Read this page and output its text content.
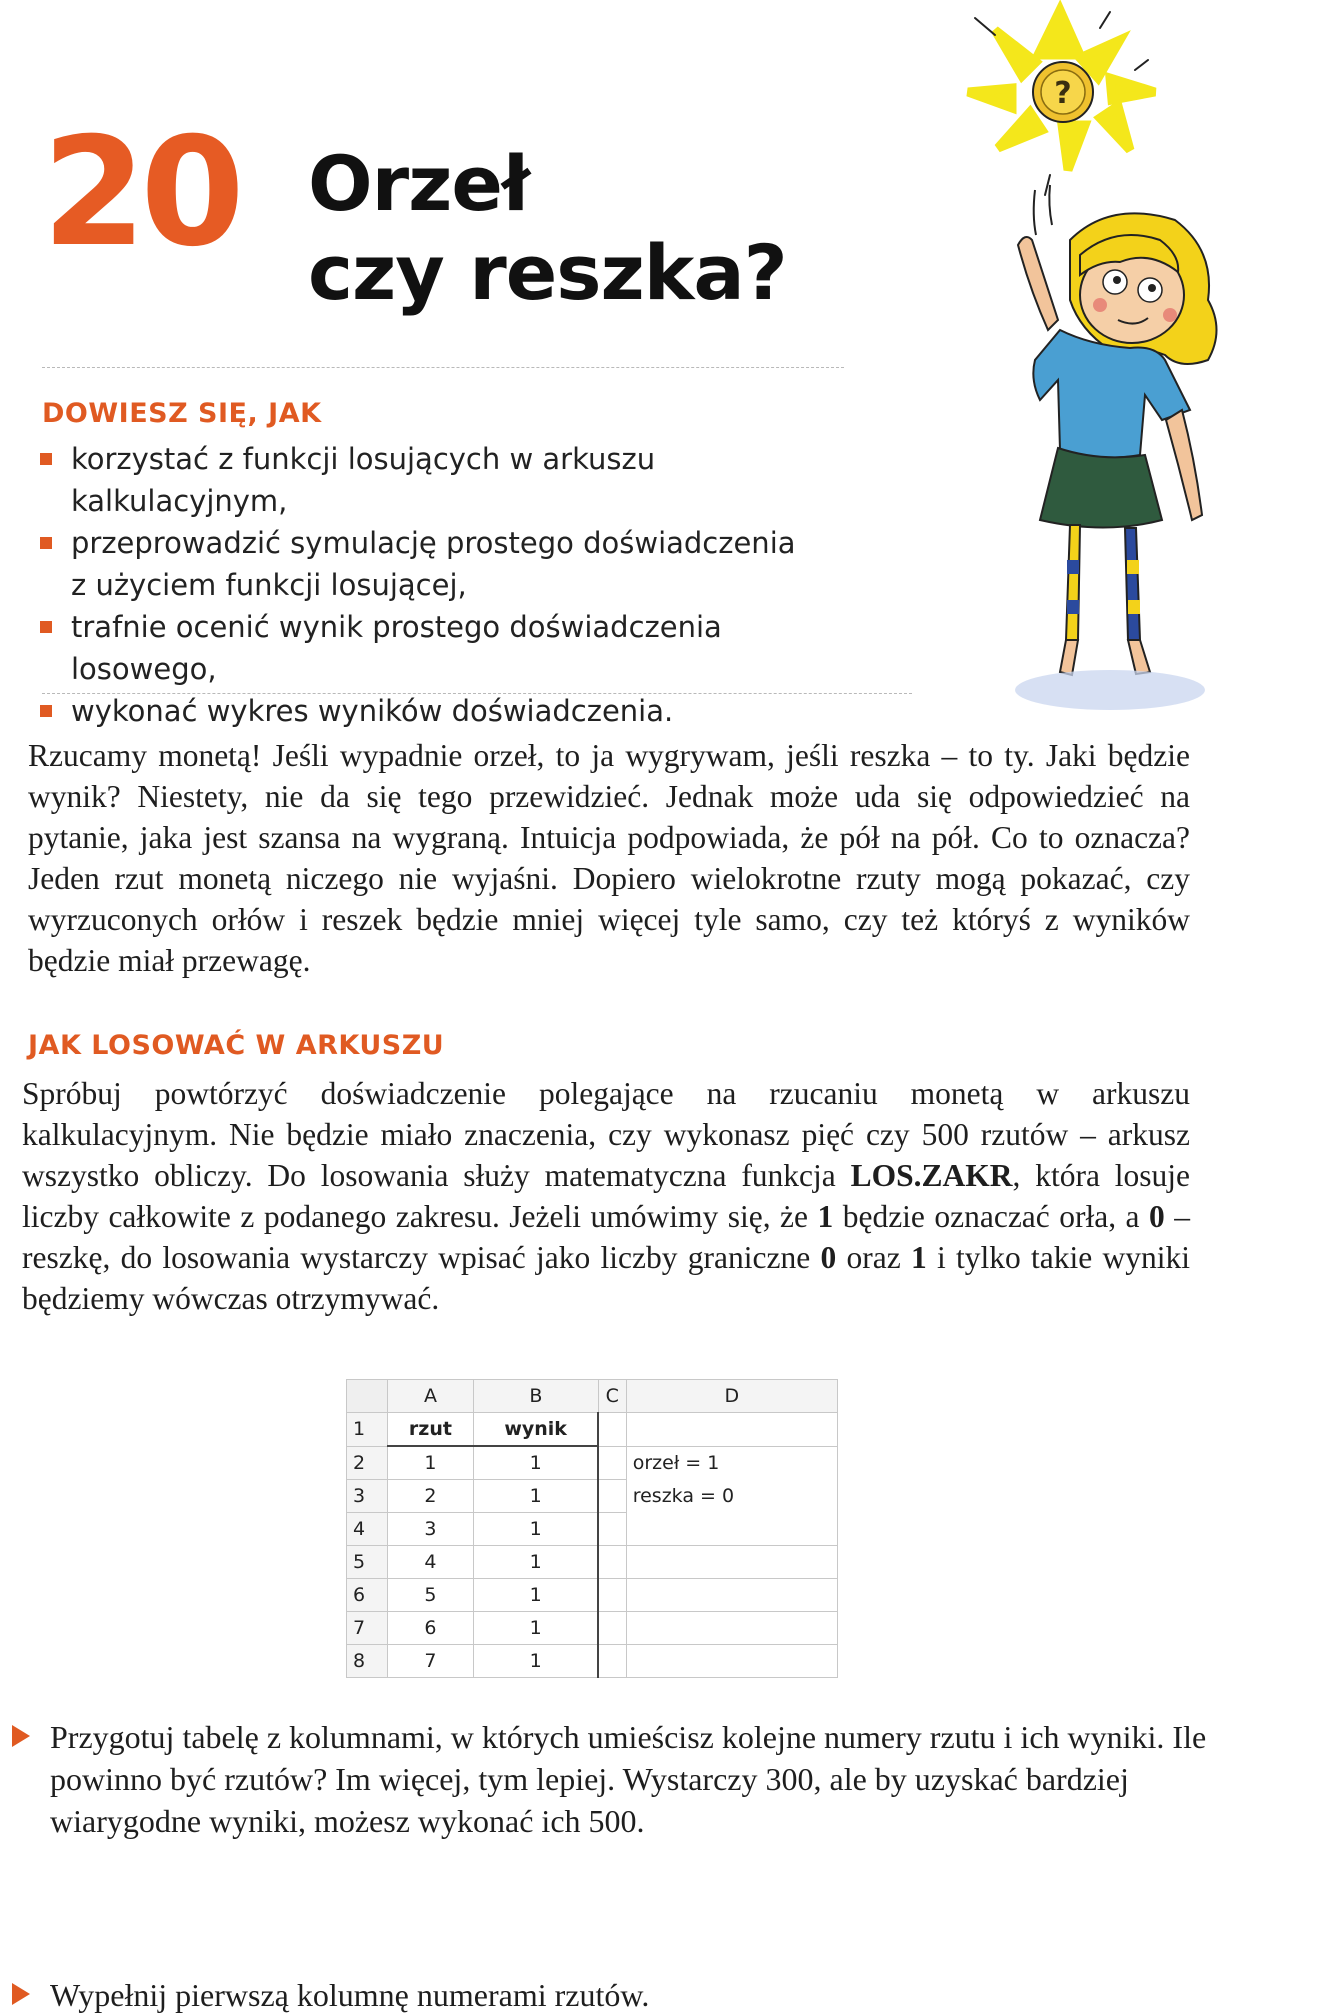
20 Orzeł
czy reszka?
?
DOWIESZ SIĘ, JAK
korzystać z funkcji losujących w arkuszu kalkulacyjnym,
przeprowadzić symulację prostego doświadczenia
z użyciem funkcji losującej,
trafnie ocenić wynik prostego doświadczenia losowego,
wykonać wykres wyników doświadczenia.

Rzucamy monetą! Jeśli wypadnie orzeł, to ja wygrywam, jeśli reszka – to ty. Jaki będzie wynik? Niestety, nie da się tego przewidzieć. Jednak może uda się odpowiedzieć na pytanie, jaka jest szansa na wygraną. Intuicja podpowiada, że pół na pół. Co to oznacza? Jeden rzut monetą niczego nie wyjaśni. Dopiero wielokrotne rzuty mogą pokazać, czy wyrzuconych orłów i reszek będzie mniej więcej tyle samo, czy też któryś z wyników będzie miał przewagę.

JAK LOSOWAĆ W ARKUSZU

Spróbuj powtórzyć doświadczenie polegające na rzucaniu monetą w arkuszu kalkulacyjnym. Nie będzie miało znaczenia, czy wykonasz pięć czy 500 rzutów – arkusz wszystko obliczy. Do losowania służy matematyczna funkcja LOS.ZAKR, która losuje liczby całkowite z podanego zakresu. Jeżeli umówimy się, że 1 będzie oznaczać orła, a 0 – reszkę, do losowania wystarczy wpisać jako liczby graniczne 0 oraz 1 i tylko takie wyniki będziemy wówczas otrzymywać.

	A	B	C	D
1	rzut	wynik		
2	1	1		orzeł = 1
3	2	1		reszka = 0
4	3	1		
5	4	1		
6	5	1		
7	6	1		
8	7	1		
Przygotuj tabelę z kolumnami, w których umieścisz kolejne numery rzutu i ich wyniki. Ile powinno być rzutów? Im więcej, tym lepiej. Wystarczy 300, ale by uzyskać bardziej wiarygodne wyniki, możesz wykonać ich 500.
Wypełnij pierwszą kolumnę numerami rzutów.
